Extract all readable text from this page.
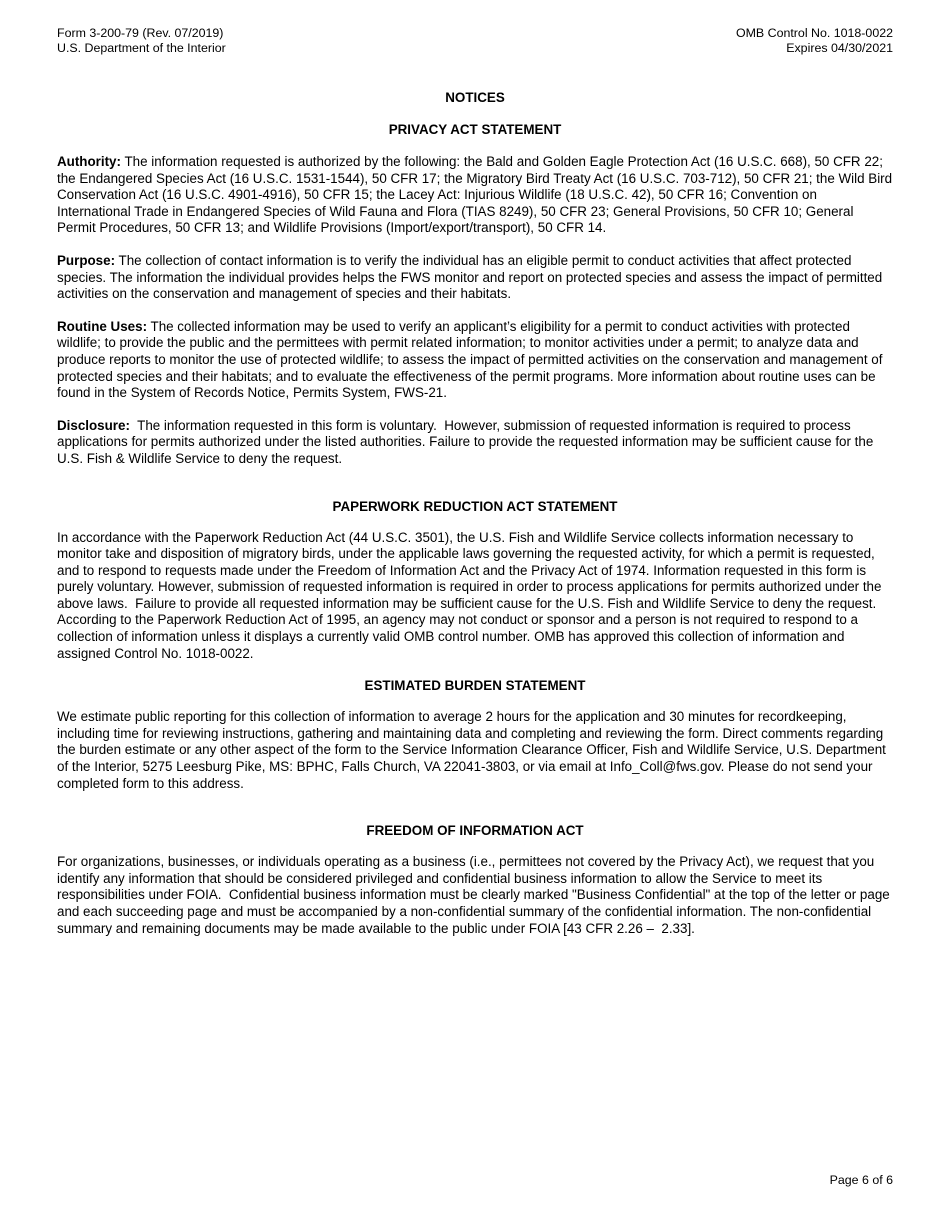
Form 3-200-79 (Rev. 07/2019)
U.S. Department of the Interior
OMB Control No. 1018-0022
Expires 04/30/2021
NOTICES
PRIVACY ACT STATEMENT

Authority: The information requested is authorized by the following: the Bald and Golden Eagle Protection Act (16 U.S.C. 668), 50 CFR 22; the Endangered Species Act (16 U.S.C. 1531-1544), 50 CFR 17; the Migratory Bird Treaty Act (16 U.S.C. 703-712), 50 CFR 21; the Wild Bird Conservation Act (16 U.S.C. 4901-4916), 50 CFR 15; the Lacey Act: Injurious Wildlife (18 U.S.C. 42), 50 CFR 16; Convention on International Trade in Endangered Species of Wild Fauna and Flora (TIAS 8249), 50 CFR 23; General Provisions, 50 CFR 10; General Permit Procedures, 50 CFR 13; and Wildlife Provisions (Import/export/transport), 50 CFR 14.

Purpose: The collection of contact information is to verify the individual has an eligible permit to conduct activities that affect protected species. The information the individual provides helps the FWS monitor and report on protected species and assess the impact of permitted activities on the conservation and management of species and their habitats.

Routine Uses: The collected information may be used to verify an applicant’s eligibility for a permit to conduct activities with protected wildlife; to provide the public and the permittees with permit related information; to monitor activities under a permit; to analyze data and produce reports to monitor the use of protected wildlife; to assess the impact of permitted activities on the conservation and management of protected species and their habitats; and to evaluate the effectiveness of the permit programs. More information about routine uses can be found in the System of Records Notice, Permits System, FWS-21.

Disclosure:  The information requested in this form is voluntary.  However, submission of requested information is required to process applications for permits authorized under the listed authorities. Failure to provide the requested information may be sufficient cause for the U.S. Fish & Wildlife Service to deny the request.

PAPERWORK REDUCTION ACT STATEMENT

In accordance with the Paperwork Reduction Act (44 U.S.C. 3501), the U.S. Fish and Wildlife Service collects information necessary to monitor take and disposition of migratory birds, under the applicable laws governing the requested activity, for which a permit is requested, and to respond to requests made under the Freedom of Information Act and the Privacy Act of 1974. Information requested in this form is purely voluntary. However, submission of requested information is required in order to process applications for permits authorized under the above laws.  Failure to provide all requested information may be sufficient cause for the U.S. Fish and Wildlife Service to deny the request. According to the Paperwork Reduction Act of 1995, an agency may not conduct or sponsor and a person is not required to respond to a collection of information unless it displays a currently valid OMB control number. OMB has approved this collection of information and assigned Control No. 1018-0022.

ESTIMATED BURDEN STATEMENT

We estimate public reporting for this collection of information to average 2 hours for the application and 30 minutes for recordkeeping, including time for reviewing instructions, gathering and maintaining data and completing and reviewing the form. Direct comments regarding the burden estimate or any other aspect of the form to the Service Information Clearance Officer, Fish and Wildlife Service, U.S. Department of the Interior, 5275 Leesburg Pike, MS: BPHC, Falls Church, VA 22041-3803, or via email at Info_Coll@fws.gov. Please do not send your completed form to this address.

FREEDOM OF INFORMATION ACT

For organizations, businesses, or individuals operating as a business (i.e., permittees not covered by the Privacy Act), we request that you identify any information that should be considered privileged and confidential business information to allow the Service to meet its responsibilities under FOIA.  Confidential business information must be clearly marked "Business Confidential" at the top of the letter or page and each succeeding page and must be accompanied by a non-confidential summary of the confidential information. The non-confidential summary and remaining documents may be made available to the public under FOIA [43 CFR 2.26 –  2.33].

Page 6 of 6
